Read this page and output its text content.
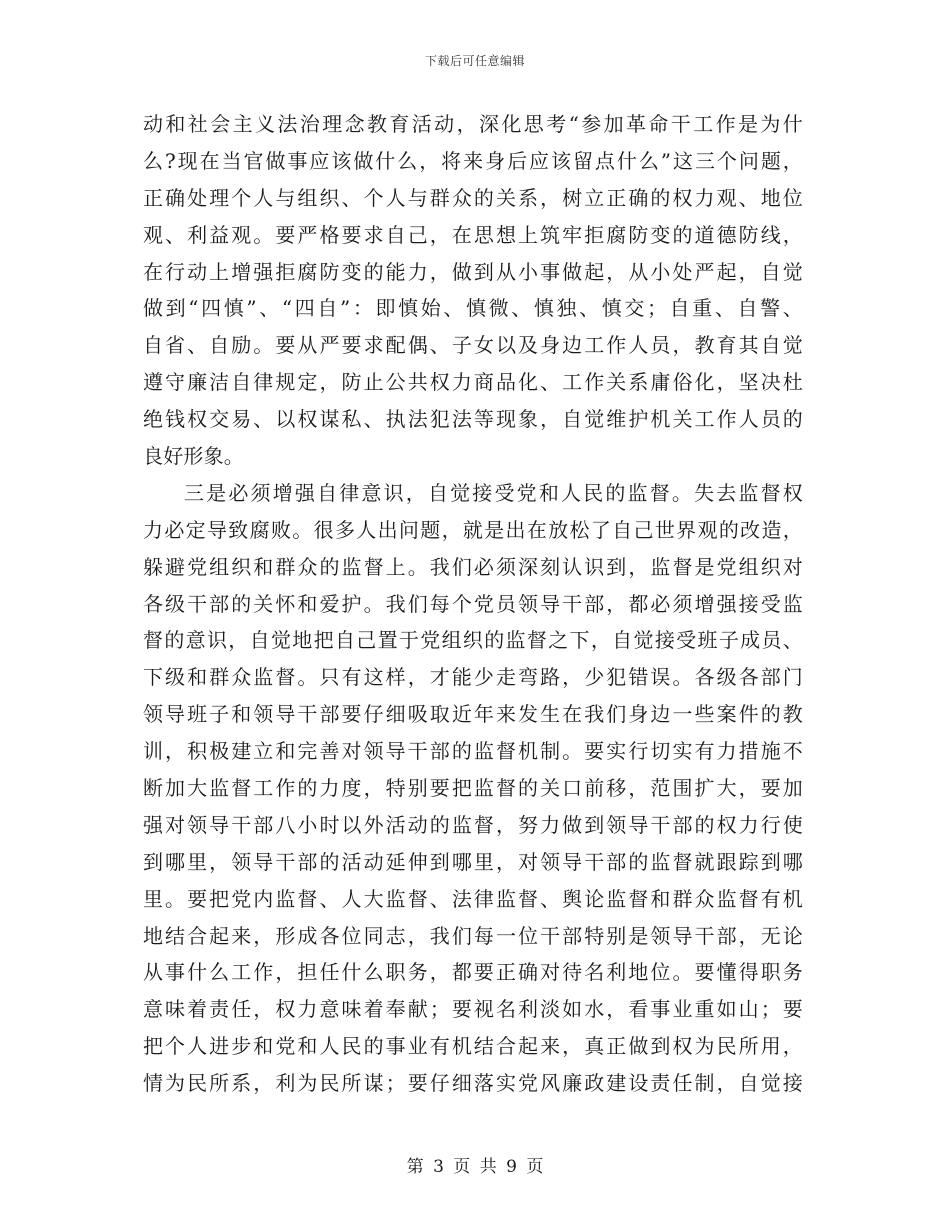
下载后可任意编辑
动和社会主义法治理念教育活动，深化思考“参加革命干工作是为什
么?现在当官做事应该做什么，将来身后应该留点什么”这三个问题，
正确处理个人与组织、个人与群众的关系，树立正确的权力观、地位
观、利益观。要严格要求自己，在思想上筑牢拒腐防变的道德防线，
在行动上增强拒腐防变的能力，做到从小事做起，从小处严起，自觉
做到“四慎”、“四自”：即慎始、慎微、慎独、慎交；自重、自警、
自省、自励。要从严要求配偶、子女以及身边工作人员，教育其自觉
遵守廉洁自律规定，防止公共权力商品化、工作关系庸俗化，坚决杜
绝钱权交易、以权谋私、执法犯法等现象，自觉维护机关工作人员的
良好形象。
三是必须增强自律意识，自觉接受党和人民的监督。失去监督权
力必定导致腐败。很多人出问题，就是出在放松了自己世界观的改造，
躲避党组织和群众的监督上。我们必须深刻认识到，监督是党组织对
各级干部的关怀和爱护。我们每个党员领导干部，都必须增强接受监
督的意识，自觉地把自己置于党组织的监督之下，自觉接受班子成员、
下级和群众监督。只有这样，才能少走弯路，少犯错误。各级各部门
领导班子和领导干部要仔细吸取近年来发生在我们身边一些案件的教
训，积极建立和完善对领导干部的监督机制。要实行切实有力措施不
断加大监督工作的力度，特别要把监督的关口前移，范围扩大，要加
强对领导干部八小时以外活动的监督，努力做到领导干部的权力行使
到哪里，领导干部的活动延伸到哪里，对领导干部的监督就跟踪到哪
里。要把党内监督、人大监督、法律监督、舆论监督和群众监督有机
地结合起来，形成各位同志，我们每一位干部特别是领导干部，无论
从事什么工作，担任什么职务，都要正确对待名利地位。要懂得职务
意味着责任，权力意味着奉献；要视名利淡如水，看事业重如山；要
把个人进步和党和人民的事业有机结合起来，真正做到权为民所用，
情为民所系，利为民所谋；要仔细落实党风廉政建设责任制，自觉接
第 3 页 共 9 页
